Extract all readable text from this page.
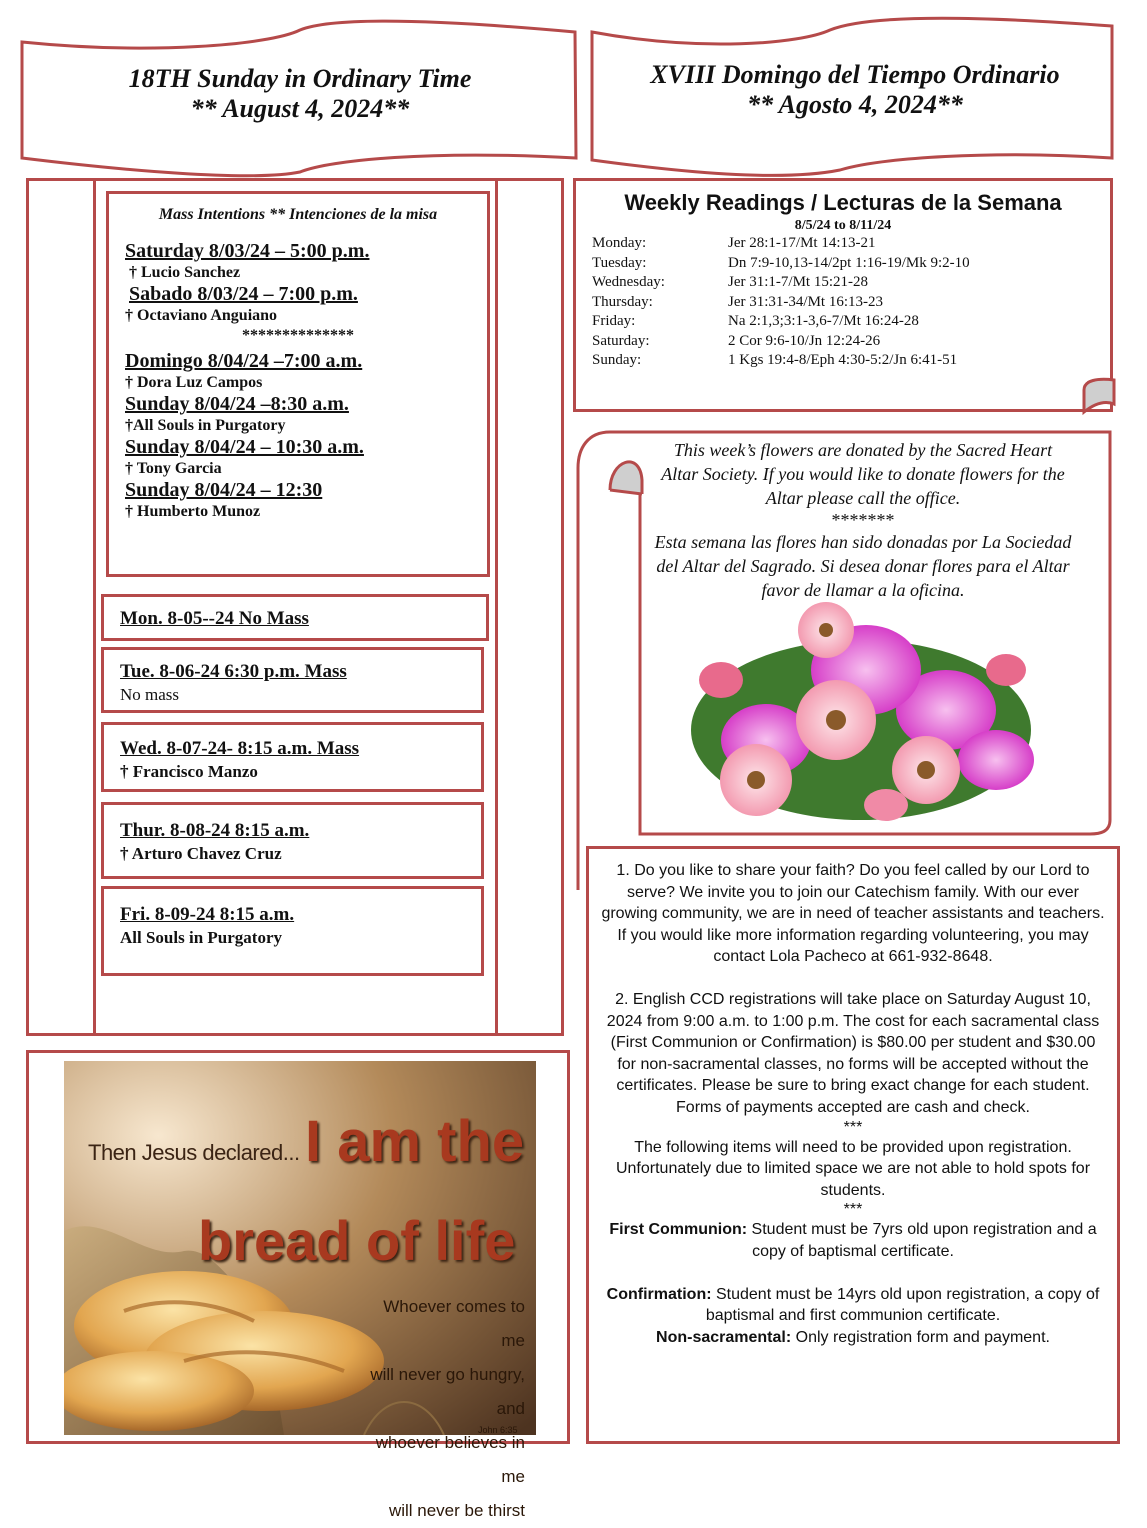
18TH Sunday in Ordinary Time
** August 4, 2024**
XVIII Domingo del Tiempo Ordinario
** Agosto 4, 2024**
Mass Intentions ** Intenciones de la misa
Saturday 8/03/24 – 5:00 p.m.
† Lucio Sanchez
Sabado 8/03/24 – 7:00 p.m.
† Octaviano Anguiano
**************
Domingo 8/04/24 –7:00 a.m.
† Dora Luz Campos
Sunday 8/04/24 –8:30 a.m.
†All Souls in Purgatory
Sunday 8/04/24 – 10:30 a.m.
† Tony Garcia
Sunday 8/04/24 – 12:30
† Humberto Munoz
Mon. 8-05--24 No Mass
Tue. 8-06-24 6:30 p.m. Mass
No mass
Wed. 8-07-24- 8:15 a.m. Mass
† Francisco Manzo
Thur. 8-08-24 8:15 a.m.
† Arturo Chavez Cruz
Fri. 8-09-24 8:15 a.m.
All Souls in Purgatory
Then Jesus declared... I am the
bread of life
Whoever comes to me
will never go hungry, and
whoever believes in me
will never be thirst
John 6:35
Weekly Readings / Lecturas de la Semana
8/5/24 to 8/11/24
Monday:	Jer 28:1-17/Mt 14:13-21
Tuesday:	Dn 7:9-10,13-14/2pt 1:16-19/Mk 9:2-10
Wednesday:	Jer 31:1-7/Mt 15:21-28
Thursday:	Jer 31:31-34/Mt 16:13-23
Friday:	Na 2:1,3;3:1-3,6-7/Mt 16:24-28
Saturday:	2 Cor 9:6-10/Jn 12:24-26
Sunday:	1 Kgs 19:4-8/Eph 4:30-5:2/Jn 6:41-51
This week’s flowers are donated by the Sacred Heart Altar Society. If you would like to donate flowers for the Altar please call the office.
*******
Esta semana las flores han sido donadas por La Sociedad del Altar del Sagrado. Si desea donar flores para el Altar favor de llamar a la oficina.
1. Do you like to share your faith? Do you feel called by our Lord to serve? We invite you to join our Catechism family. With our ever growing community, we are in need of teacher assistants and teachers. If you would like more information regarding volunteering, you may contact Lola Pacheco at 661-932-8648.
2. English CCD registrations will take place on Saturday August 10, 2024 from 9:00 a.m. to 1:00 p.m. The cost for each sacramental class (First Communion or Confirmation) is $80.00 per student and $30.00 for non-sacramental classes, no forms will be accepted without the certificates. Please be sure to bring exact change for each student. Forms of payments accepted are cash and check.
***
The following items will need to be provided upon registration. Unfortunately due to limited space we are not able to hold spots for students.
***
First Communion: Student must be 7yrs old upon registration and a copy of baptismal certificate.
Confirmation: Student must be 14yrs old upon registration, a copy of baptismal and first communion certificate.
Non-sacramental: Only registration form and payment.
